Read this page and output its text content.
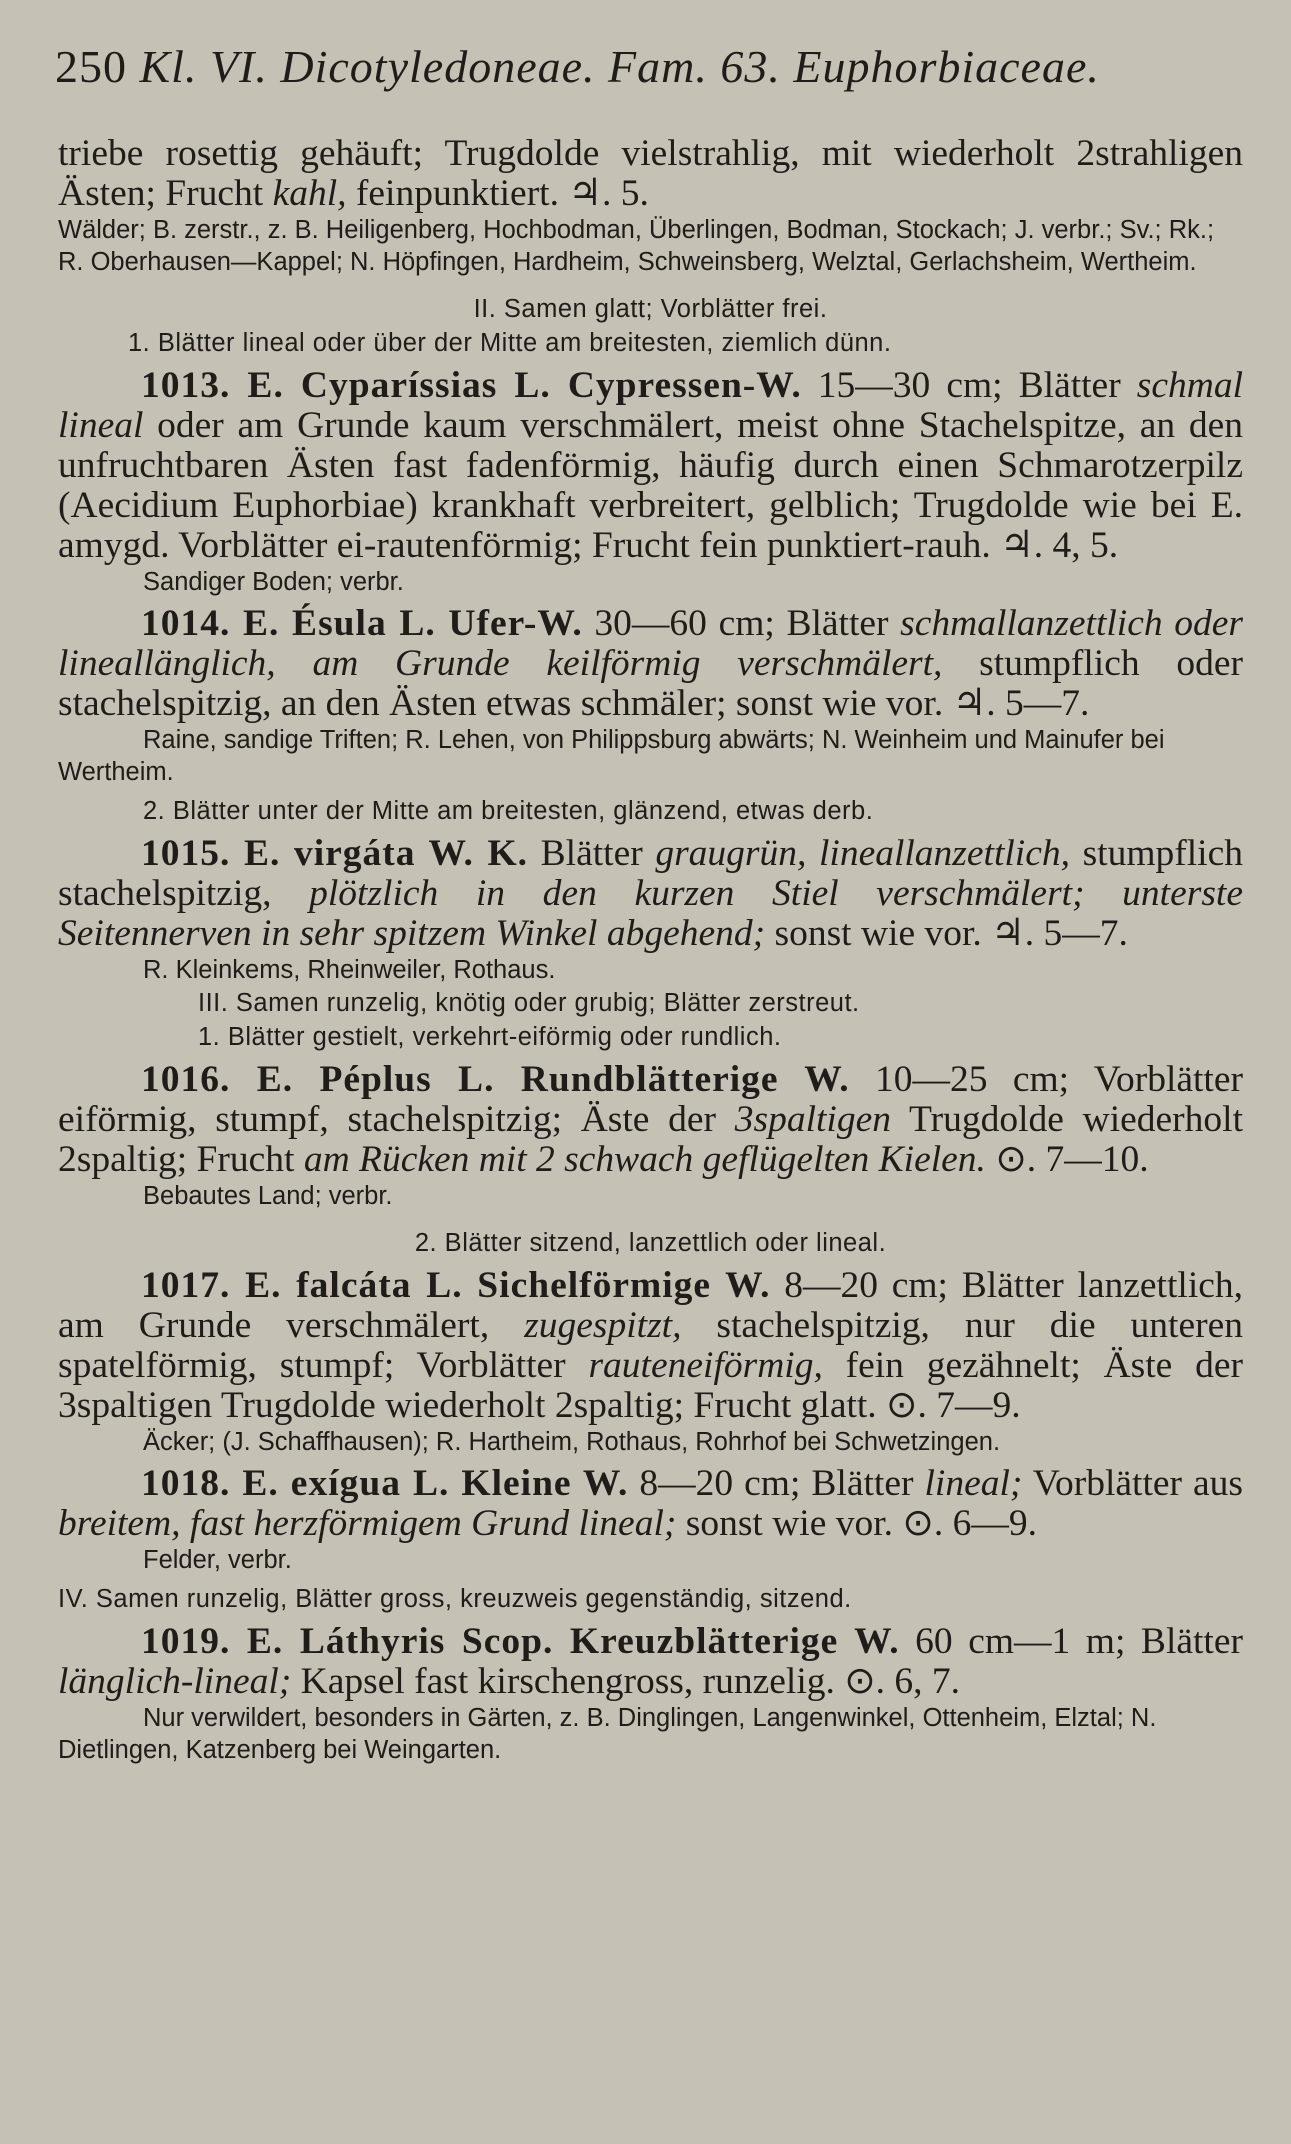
250 Kl. VI. Dicotyledoneae. Fam. 63. Euphorbiaceae.

triebe rosettig gehäuft; Trugdolde vielstrahlig, mit wiederholt 2strahligen Ästen; Frucht kahl, feinpunktiert. ♃. 5.

Wälder; B. zerstr., z. B. Heiligenberg, Hochbodman, Überlingen, Bodman, Stockach; J. verbr.; Sv.; Rk.; R. Oberhausen—Kappel; N. Höpfingen, Hardheim, Schweinsberg, Welztal, Gerlachsheim, Wertheim.

II. Samen glatt; Vorblätter frei.

1. Blätter lineal oder über der Mitte am breitesten, ziemlich dünn.

1013. E. Cyparíssias L. Cypressen-W. 15—30 cm; Blätter schmal lineal oder am Grunde kaum verschmälert, meist ohne Stachelspitze, an den unfruchtbaren Ästen fast fadenförmig, häufig durch einen Schmarotzerpilz (Aecidium Euphorbiae) krankhaft verbreitert, gelblich; Trugdolde wie bei E. amygd. Vorblätter ei-rautenförmig; Frucht fein punktiert-rauh. ♃. 4, 5.

Sandiger Boden; verbr.

1014. E. Ésula L. Ufer-W. 30—60 cm; Blätter schmallanzettlich oder lineallänglich, am Grunde keilförmig verschmälert, stumpflich oder stachelspitzig, an den Ästen etwas schmäler; sonst wie vor. ♃. 5—7.

Raine, sandige Triften; R. Lehen, von Philippsburg abwärts; N. Weinheim und Mainufer bei Wertheim.

2. Blätter unter der Mitte am breitesten, glänzend, etwas derb.

1015. E. virgáta W. K. Blätter graugrün, lineallanzettlich, stumpflich stachelspitzig, plötzlich in den kurzen Stiel verschmälert; unterste Seitennerven in sehr spitzem Winkel abgehend; sonst wie vor. ♃. 5—7.

R. Kleinkems, Rheinweiler, Rothaus.

III. Samen runzelig, knötig oder grubig; Blätter zerstreut.

1. Blätter gestielt, verkehrt-eiförmig oder rundlich.

1016. E. Péplus L. Rundblätterige W. 10—25 cm; Vorblätter eiförmig, stumpf, stachelspitzig; Äste der 3spaltigen Trugdolde wiederholt 2spaltig; Frucht am Rücken mit 2 schwach geflügelten Kielen. ⊙. 7—10.

Bebautes Land; verbr.

2. Blätter sitzend, lanzettlich oder lineal.

1017. E. falcáta L. Sichelförmige W. 8—20 cm; Blätter lanzettlich, am Grunde verschmälert, zugespitzt, stachelspitzig, nur die unteren spatelförmig, stumpf; Vorblätter rauteneiförmig, fein gezähnelt; Äste der 3spaltigen Trugdolde wiederholt 2spaltig; Frucht glatt. ⊙. 7—9.

Äcker; (J. Schaffhausen); R. Hartheim, Rothaus, Rohrhof bei Schwetzingen.

1018. E. exígua L. Kleine W. 8—20 cm; Blätter lineal; Vorblätter aus breitem, fast herzförmigem Grund lineal; sonst wie vor. ⊙. 6—9.

Felder, verbr.

IV. Samen runzelig, Blätter gross, kreuzweis gegenständig, sitzend.

1019. E. Láthyris Scop. Kreuzblätterige W. 60 cm—1 m; Blätter länglich-lineal; Kapsel fast kirschengross, runzelig. ⊙. 6, 7.

Nur verwildert, besonders in Gärten, z. B. Dinglingen, Langenwinkel, Ottenheim, Elztal; N. Dietlingen, Katzenberg bei Weingarten.
